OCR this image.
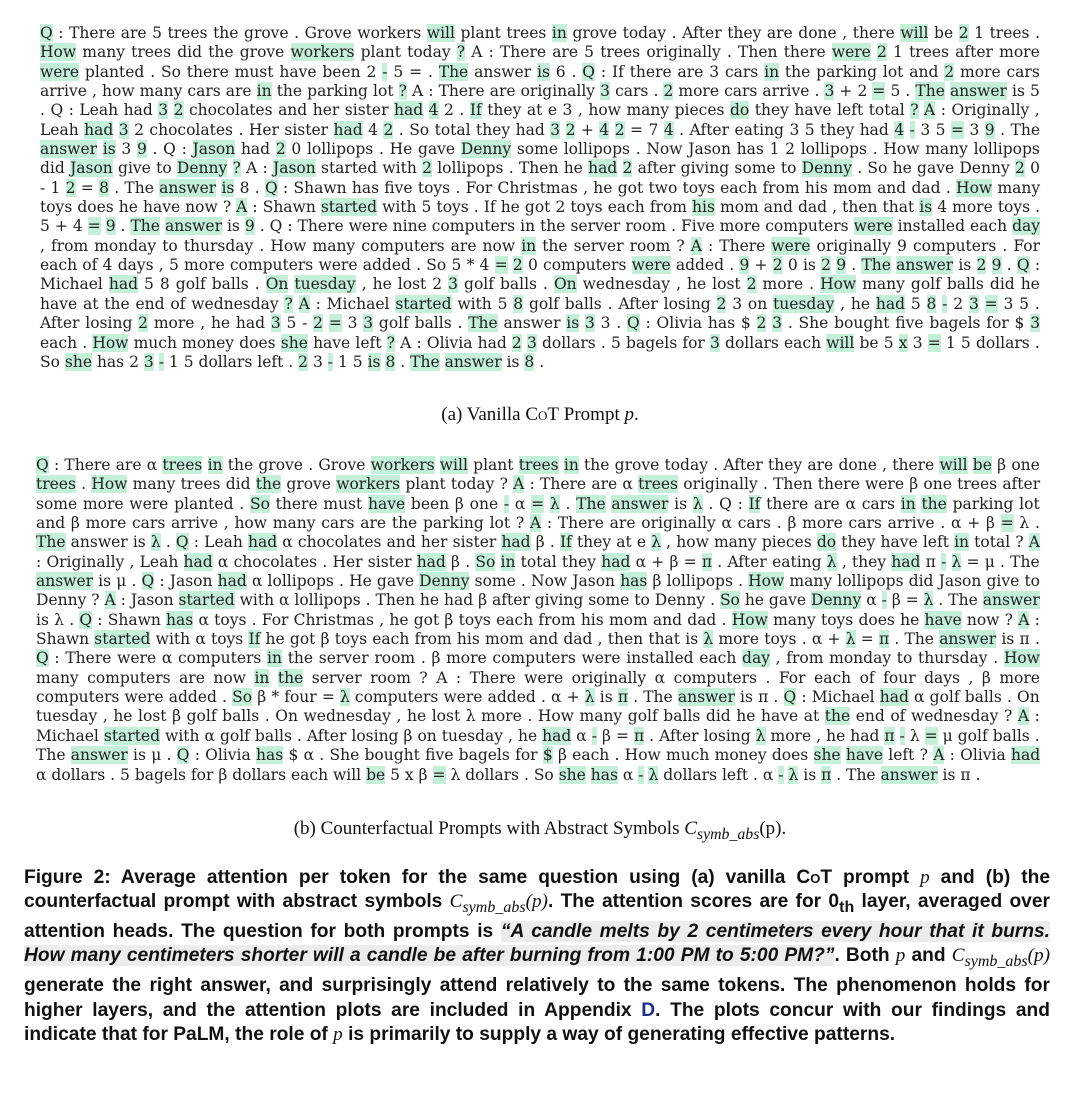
Q : There are 5 trees the grove . Grove workers will plant trees in grove today . After they are done , there will be 2 1 trees . How many trees did the grove workers plant today ? A : There are 5 trees originally . Then there were 2 1 trees after more were planted . So there must have been 2 - 5 = . The answer is 6 . Q : If there are 3 cars in the parking lot and 2 more cars arrive , how many cars are in the parking lot ? A : There are originally 3 cars . 2 more cars arrive . 3 + 2 = 5 . The answer is 5 . Q : Leah had 3 2 chocolates and her sister had 4 2 . If they at e 3 , how many pieces do they have left total ? A : Originally , Leah had 3 2 chocolates . Her sister had 4 2 . So total they had 3 2 + 4 2 = 7 4 . After eating 3 5 they had 4 - 3 5 = 3 9 . The answer is 3 9 . Q : Jason had 2 0 lollipops . He gave Denny some lollipops . Now Jason has 1 2 lollipops . How many lollipops did Jason give to Denny ? A : Jason started with 2 lollipops . Then he had 2 after giving some to Denny . So he gave Denny 2 0 - 1 2 = 8 . The answer is 8 . Q : Shawn has five toys . For Christmas , he got two toys each from his mom and dad . How many toys does he have now ? A : Shawn started with 5 toys . If he got 2 toys each from his mom and dad , then that is 4 more toys . 5 + 4 = 9 . The answer is 9 . Q : There were nine computers in the server room . Five more computers were installed each day , from monday to thursday . How many computers are now in the server room ? A : There were originally 9 computers . For each of 4 days , 5 more computers were added . So 5 * 4 = 2 0 computers were added . 9 + 2 0 is 2 9 . The answer is 2 9 . Q : Michael had 5 8 golf balls . On tuesday , he lost 2 3 golf balls . On wednesday , he lost 2 more . How many golf balls did he have at the end of wednesday ? A : Michael started with 5 8 golf balls . After losing 2 3 on tuesday , he had 5 8 - 2 3 = 3 5 . After losing 2 more , he had 3 5 - 2 = 3 3 golf balls . The answer is 3 3 . Q : Olivia has $ 2 3 . She bought five bagels for $ 3 each . How much money does she have left ? A : Olivia had 2 3 dollars . 5 bagels for 3 dollars each will be 5 x 3 = 1 5 dollars . So she has 2 3 - 1 5 dollars left . 2 3 - 1 5 is 8 . The answer is 8 .
(a) Vanilla CoT Prompt p.
Q : There are α trees in the grove . Grove workers will plant trees in the grove today . After they are done , there will be β one trees . How many trees did the grove workers plant today ? A : There are α trees originally . Then there were β one trees after some more were planted . So there must have been β one - α = λ . The answer is λ . Q : If there are α cars in the parking lot and β more cars arrive , how many cars are the parking lot ? A : There are originally α cars . β more cars arrive . α + β = λ . The answer is λ . Q : Leah had α chocolates and her sister had β . If they at e λ , how many pieces do they have left in total ? A : Originally , Leah had α chocolates . Her sister had β . So in total they had α + β = π . After eating λ , they had π - λ = μ . The answer is μ . Q : Jason had α lollipops . He gave Denny some . Now Jason has β lollipops . How many lollipops did Jason give to Denny ? A : Jason started with α lollipops . Then he had β after giving some to Denny . So he gave Denny α - β = λ . The answer is λ . Q : Shawn has α toys . For Christmas , he got β toys each from his mom and dad . How many toys does he have now ? A : Shawn started with α toys If he got β toys each from his mom and dad , then that is λ more toys . α + λ = π . The answer is π . Q : There were α computers in the server room . β more computers were installed each day , from monday to thursday . How many computers are now in the server room ? A : There were originally α computers . For each of four days , β more computers were added . So β * four = λ computers were added . α + λ is π . The answer is π . Q : Michael had α golf balls . On tuesday , he lost β golf balls . On wednesday , he lost λ more . How many golf balls did he have at the end of wednesday ? A : Michael started with α golf balls . After losing β on tuesday , he had α - β = π . After losing λ more , he had π - λ = μ golf balls . The answer is μ . Q : Olivia has $ α . She bought five bagels for $ β each . How much money does she have left ? A : Olivia had α dollars . 5 bagels for β dollars each will be 5 x β = λ dollars . So she has α - λ dollars left . α - λ is π . The answer is π .
(b) Counterfactual Prompts with Abstract Symbols $C_{symb\_abs}(p)$.
Figure 2: Average attention per token for the same question using (a) vanilla CoT prompt p and (b) the counterfactual prompt with abstract symbols $C_{symb\_abs}(p)$. The attention scores are for $0_{th}$ layer, averaged over attention heads. The question for both prompts is “A candle melts by 2 centimeters every hour that it burns. How many centimeters shorter will a candle be after burning from 1:00 PM to 5:00 PM?”. Both p and $C_{symb\_abs}(p)$ generate the right answer, and surprisingly attend relatively to the same tokens. The phenomenon holds for higher layers, and the attention plots are included in Appendix D. The plots concur with our findings and indicate that for PaLM, the role of p is primarily to supply a way of generating effective patterns.
